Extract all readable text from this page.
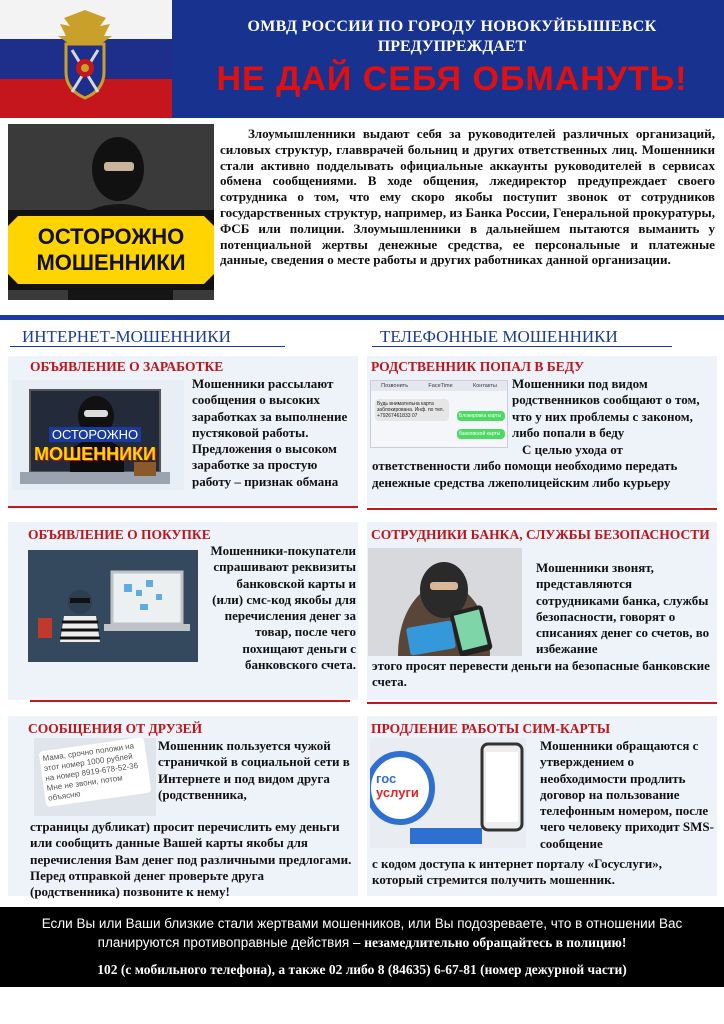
ОМВД РОССИИ ПО ГОРОДУ НОВОКУЙБЫШЕВСК
ПРЕДУПРЕЖДАЕТ
НЕ ДАЙ СЕБЯ ОБМАНУТЬ!
ОСТОРОЖНО
МОШЕННИКИ
Злоумышленники выдают себя за руководителей различных организаций, силовых структур, главврачей больниц и других ответственных лиц. Мошенники стали активно подделывать официальные аккаунты руководителей в сервисах обмена сообщениями. В ходе общения, лжедиректор предупреждает своего сотрудника о том, что ему скоро якобы поступит звонок от сотрудников государственных структур, например, из Банка России, Генеральной прокуратуры, ФСБ или полиции. Злоумышленники в дальнейшем пытаются выманить у потенциальной жертвы денежные средства, ее персональные и платежные данные, сведения о месте работы и других работниках данной организации.
ИНТЕРНЕТ-МОШЕННИКИ	ТЕЛЕФОННЫЕ МОШЕННИКИ
ОБЪЯВЛЕНИЕ О ЗАРАБОТКЕ
ОСТОРОЖНО
МОШЕННИКИ
Мошенники рассылают сообщения о высоких заработках за выполнение пустяковой работы. Предложения о высоком заработке за простую работу – признак обмана
РОДСТВЕННИК ПОПАЛ В БЕДУ
Позвонить	FaceTime	Контакты
Будь внимательна карта заблокирована. Инф. по тел. +79267461833 07	Блокировка карты
банковской карты
Мошенники под видом родственников сообщают о том, что у них проблемы с законом, либо попали в беду
С целью ухода от ответственности либо помощи необходимо передать денежные средства лжеполицейским либо курьеру
ОБЪЯВЛЕНИЕ О ПОКУПКЕ
Мошенники-покупатели спрашивают реквизиты банковской карты и (или) смс-код якобы для перечисления денег за товар, после чего похищают деньги с банковского счета.
СОТРУДНИКИ БАНКА, СЛУЖБЫ БЕЗОПАСНОСТИ
Мошенники звонят, представляются сотрудниками банка, службы безопасности, говорят о списаниях денег со счетов, во избежание
этого просят перевести деньги на безопасные банковские счета.
СООБЩЕНИЯ ОТ ДРУЗЕЙ
Мама, срочно положи на этот номер 1000 рублей на номер 8919-678-52-36 Мне не звони, потом объясню
Мошенник пользуется чужой страничкой в социальной сети в Интернете и под видом друга (родственника,
страницы дубликат) просит перечислить ему деньги или сообщить данные Вашей карты якобы для перечисления Вам денег под различными предлогами. Перед отправкой денег проверьте друга (родственника) позвоните к нему!
ПРОДЛЕНИЕ РАБОТЫ СИМ-КАРТЫ
гос
услуги
Мошенники обращаются с утверждением о необходимости продлить договор на пользование телефонным номером, после чего человеку приходит SMS-сообщение
с кодом доступа к интернет порталу «Госуслуги», который стремится получить мошенник.
Если Вы или Ваши близкие стали жертвами мошенников, или Вы подозреваете, что в отношении Вас планируются противоправные действия – незамедлительно обращайтесь в полицию!
102 (с мобильного телефона), а также 02 либо 8 (84635) 6-67-81 (номер дежурной части)
